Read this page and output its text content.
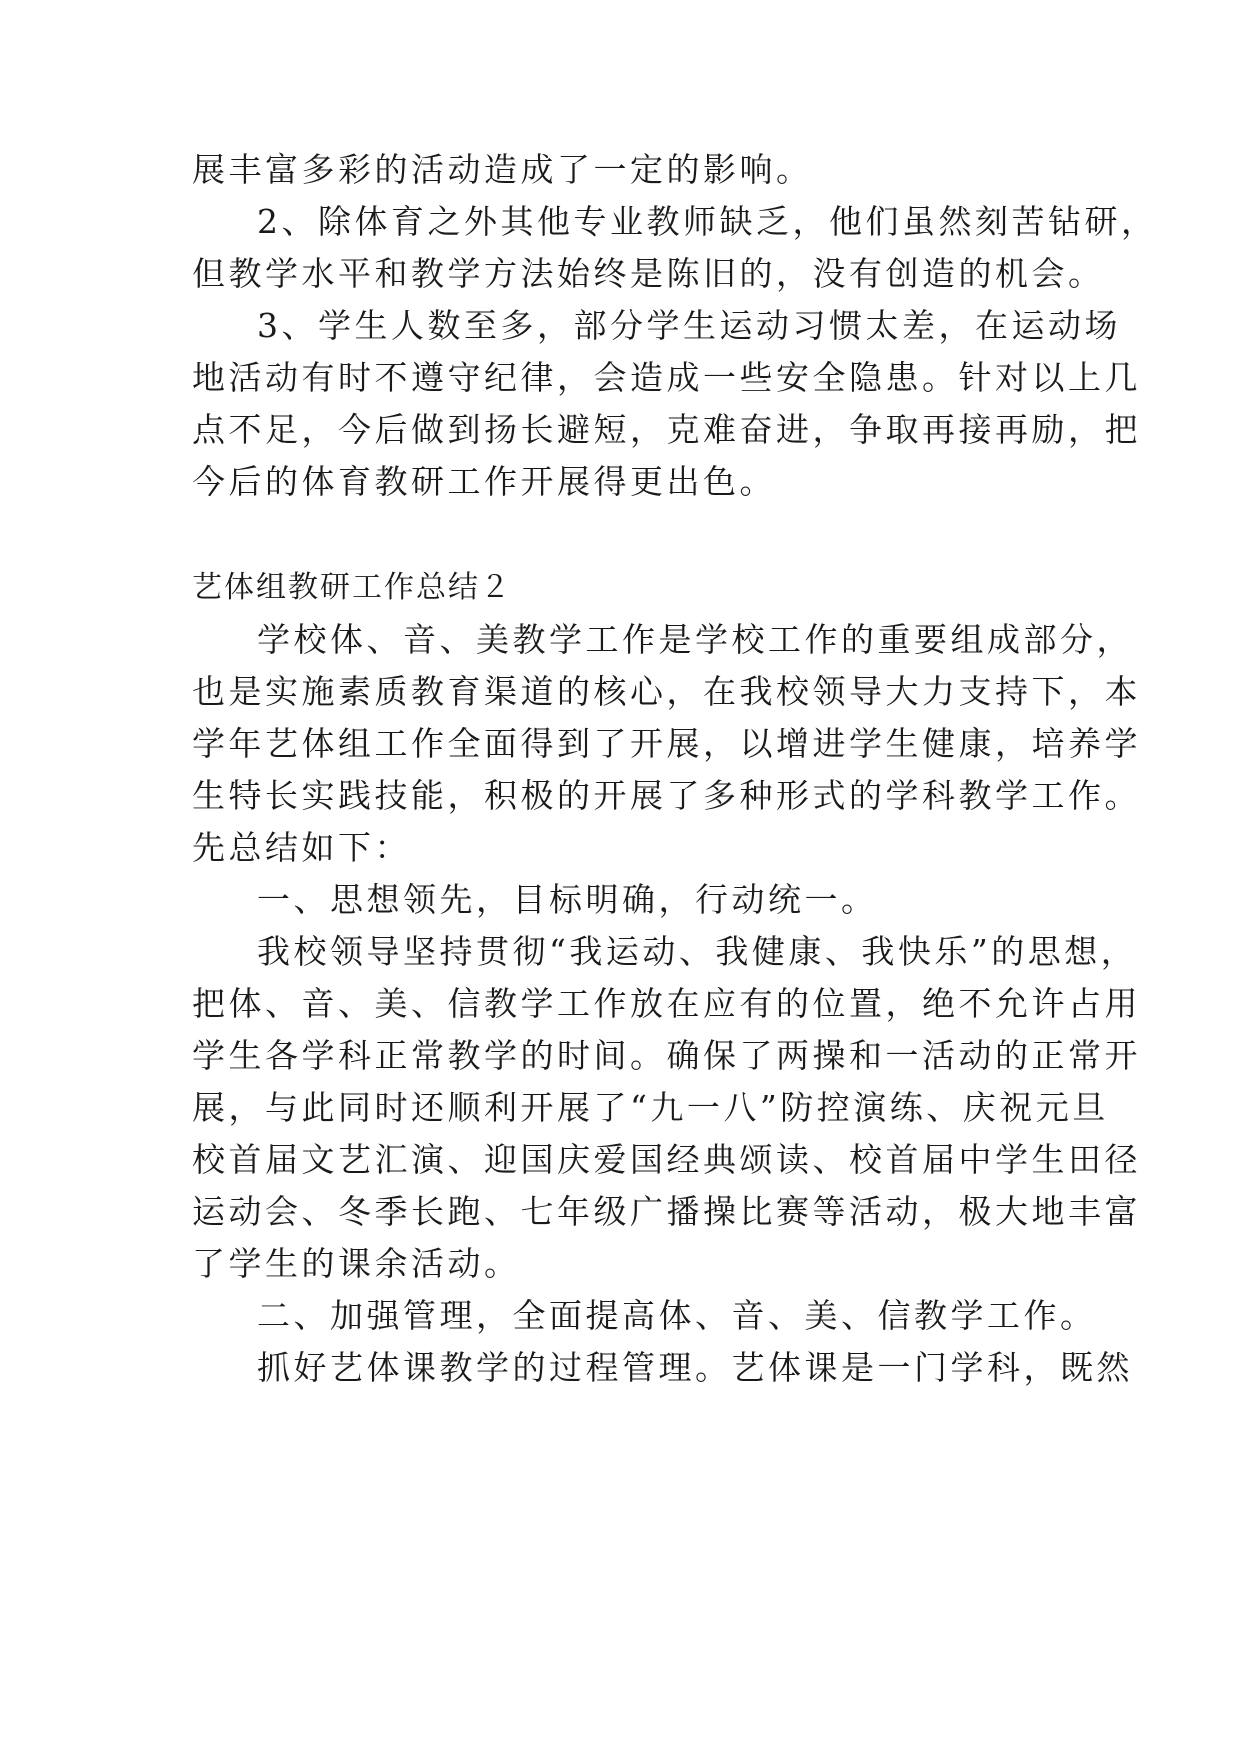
展丰富多彩的活动造成了一定的影响。
2、除体育之外其他专业教师缺乏，他们虽然刻苦钻研，
但教学水平和教学方法始终是陈旧的，没有创造的机会。
3、学生人数至多，部分学生运动习惯太差，在运动场
地活动有时不遵守纪律，会造成一些安全隐患。针对以上几
点不足，今后做到扬长避短，克难奋进，争取再接再励，把
今后的体育教研工作开展得更出色。
艺体组教研工作总结２
学校体、音、美教学工作是学校工作的重要组成部分，
也是实施素质教育渠道的核心，在我校领导大力支持下，本
学年艺体组工作全面得到了开展，以增进学生健康，培养学
生特长实践技能，积极的开展了多种形式的学科教学工作。
先总结如下：
一、思想领先，目标明确，行动统一。
我校领导坚持贯彻“我运动、我健康、我快乐”的思想，
把体、音、美、信教学工作放在应有的位置，绝不允许占用
学生各学科正常教学的时间。确保了两操和一活动的正常开
展，与此同时还顺利开展了“九一八”防控演练、庆祝元旦
校首届文艺汇演、迎国庆爱国经典颂读、校首届中学生田径
运动会、冬季长跑、七年级广播操比赛等活动，极大地丰富
了学生的课余活动。
二、加强管理，全面提高体、音、美、信教学工作。
抓好艺体课教学的过程管理。艺体课是一门学科，既然
